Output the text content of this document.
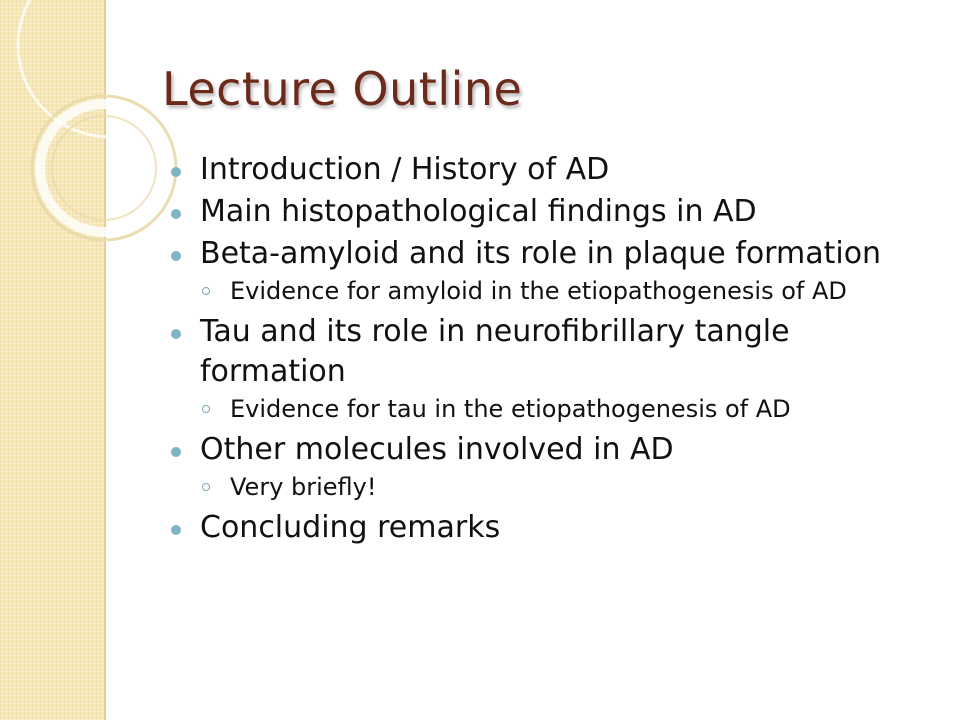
Lecture Outline
Introduction / History of AD
Main histopathological findings in AD
Beta-amyloid and its role in plaque formation
Evidence for amyloid in the etiopathogenesis of AD
Tau and its role in neurofibrillary tangle formation
Evidence for tau in the etiopathogenesis of AD
Other molecules involved in AD
Very briefly!
Concluding remarks
